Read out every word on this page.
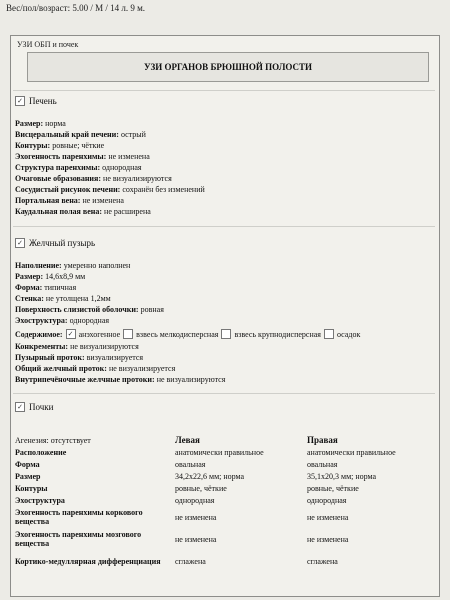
Вес/пол/возраст: 5.00 / М / 14 л. 9 м.
УЗИ ОБП и почек
УЗИ ОРГАНОВ БРЮШНОЙ ПОЛОСТИ
✓ Печень
Размер: норма
Висцеральный край печени: острый
Контуры: ровные; чёткие
Эхогенность паренхимы: не изменена
Структура паренхимы: однородная
Очаговые образования: не визуализируются
Сосудистый рисунок печени: сохранён без изменений
Портальная вена: не изменена
Каудальная полая вена: не расширена
✓ Желчный пузырь
Наполнение: умеренно наполнен
Размер: 14,6x8,9 мм
Форма: типичная
Стенка: не утолщена 1,2мм
Поверхность слизистой оболочки: ровная
Эхоструктура: однородная
Содержимое: ✓ анэхогенное взвесь мелкодисперсная взвесь крупнодисперсная осадок
Конкременты: не визуализируются
Пузырный проток: визуализируется
Общий желчный проток: не визуализируется
Внутрипечёночные желчные протоки: не визуализируются
✓ Почки
Агенезия: отсутствует	Левая	Правая
Расположение	анатомически правильное	анатомически правильное
Форма	овальная	овальная
Размер	34,2x22,6 мм; норма	35,1x20,3 мм; норма
Контуры	ровные, чёткие	ровные, чёткие
Эхоструктура	однородная	однородная
Эхогенность паренхимы коркового вещества	не изменена	не изменена
Эхогенность паренхимы мозгового вещества	не изменена	не изменена
Кортико-медуллярная дифференциация	сглажена	сглажена
